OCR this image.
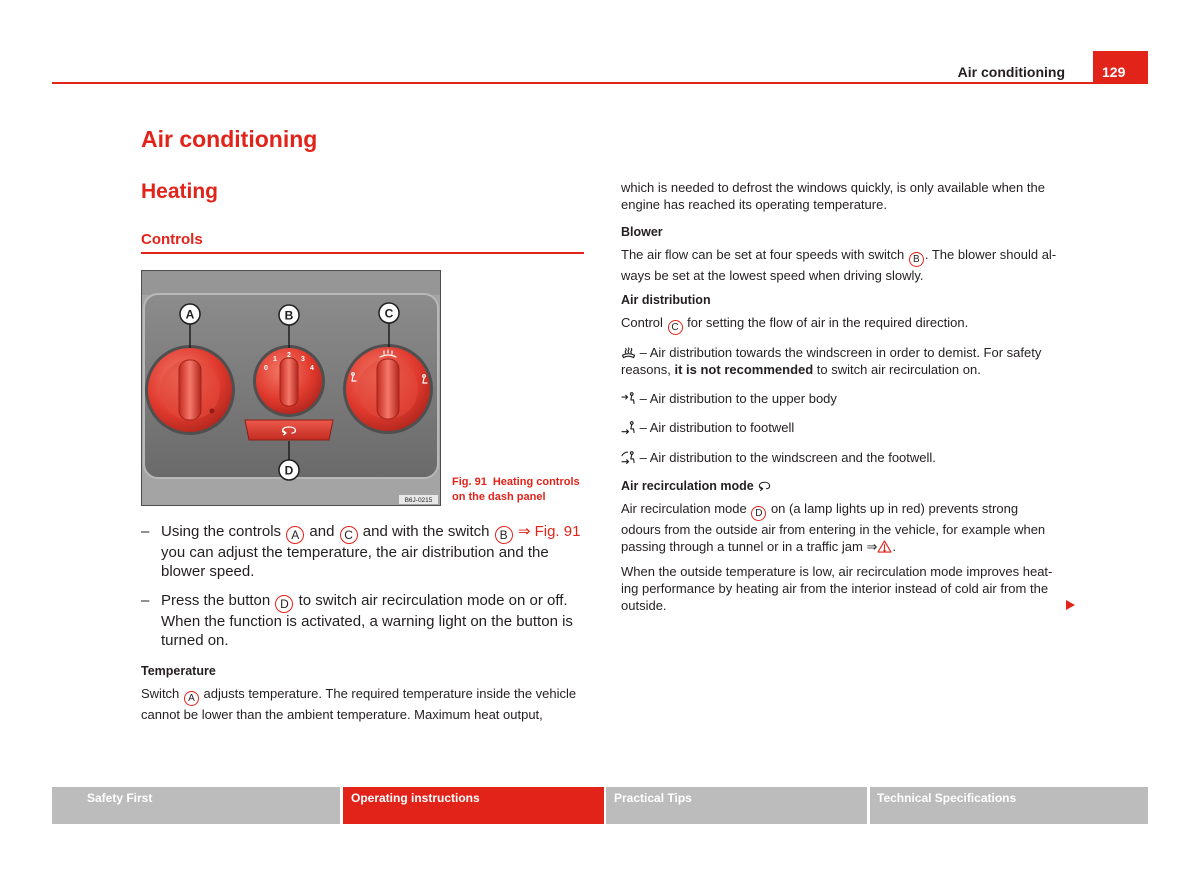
Air conditioning	129
Air conditioning
Heating
Controls
0
1
2
3
4
A	B	C
D
B6J-0215
Fig. 91 Heating controls
on the dash panel
– Using the controls A and C and with the switch B ⇒ Fig. 91
you can adjust the temperature, the air distribution and the
blower speed.
– Press the button D to switch air recirculation mode on or off.
When the function is activated, a warning light on the button is
turned on.
Temperature
Switch A adjusts temperature. The required temperature inside the vehicle
cannot be lower than the ambient temperature. Maximum heat output,
which is needed to defrost the windows quickly, is only available when the
engine has reached its operating temperature.
Blower
The air flow can be set at four speeds with switch B . The blower should al-
ways be set at the lowest speed when driving slowly.
Air distribution
Control C for setting the flow of air in the required direction.
– Air distribution towards the windscreen in order to demist. For safety
reasons, it is not recommended to switch air recirculation on.
– Air distribution to the upper body
– Air distribution to footwell
– Air distribution to the windscreen and the footwell.
Air recirculation mode
Air recirculation mode D on (a lamp lights up in red) prevents strong
odours from the outside air from entering in the vehicle, for example when
passing through a tunnel or in a traffic jam ⇒ .
When the outside temperature is low, air recirculation mode improves heat-
ing performance by heating air from the interior instead of cold air from the
outside.
Safety First	Operating instructions	Practical Tips	Technical Specifications
